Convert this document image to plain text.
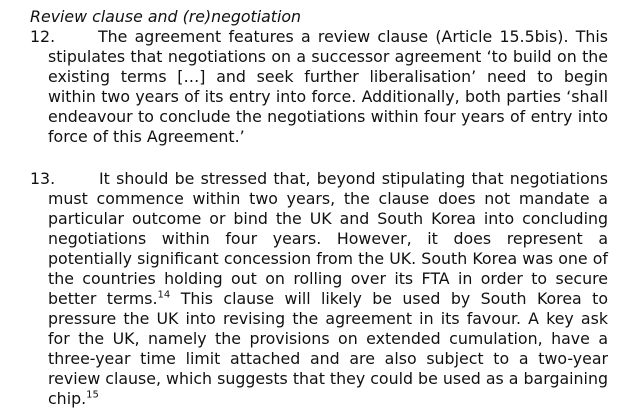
Review clause and (re)negotiation

12.	The agreement features a review clause (Article 15.5bis). This stipulates that negotiations on a successor agreement ‘to build on the existing terms […] and seek further liberalisation’ need to begin within two years of its entry into force. Additionally, both parties ‘shall endeavour to conclude the negotiations within four years of entry into force of this Agreement.’
13.	It should be stressed that, beyond stipulating that negotiations must commence within two years, the clause does not mandate a particular outcome or bind the UK and South Korea into concluding negotiations within four years. However, it does represent a potentially significant concession from the UK. South Korea was one of the countries holding out on rolling over its FTA in order to secure better terms.$^{14}$ This clause will likely be used by South Korea to pressure the UK into revising the agreement in its favour. A key ask for the UK, namely the provisions on extended cumulation, have a three-year time limit attached and are also subject to a two-year review clause, which suggests that they could be used as a bargaining chip.$^{15}$
